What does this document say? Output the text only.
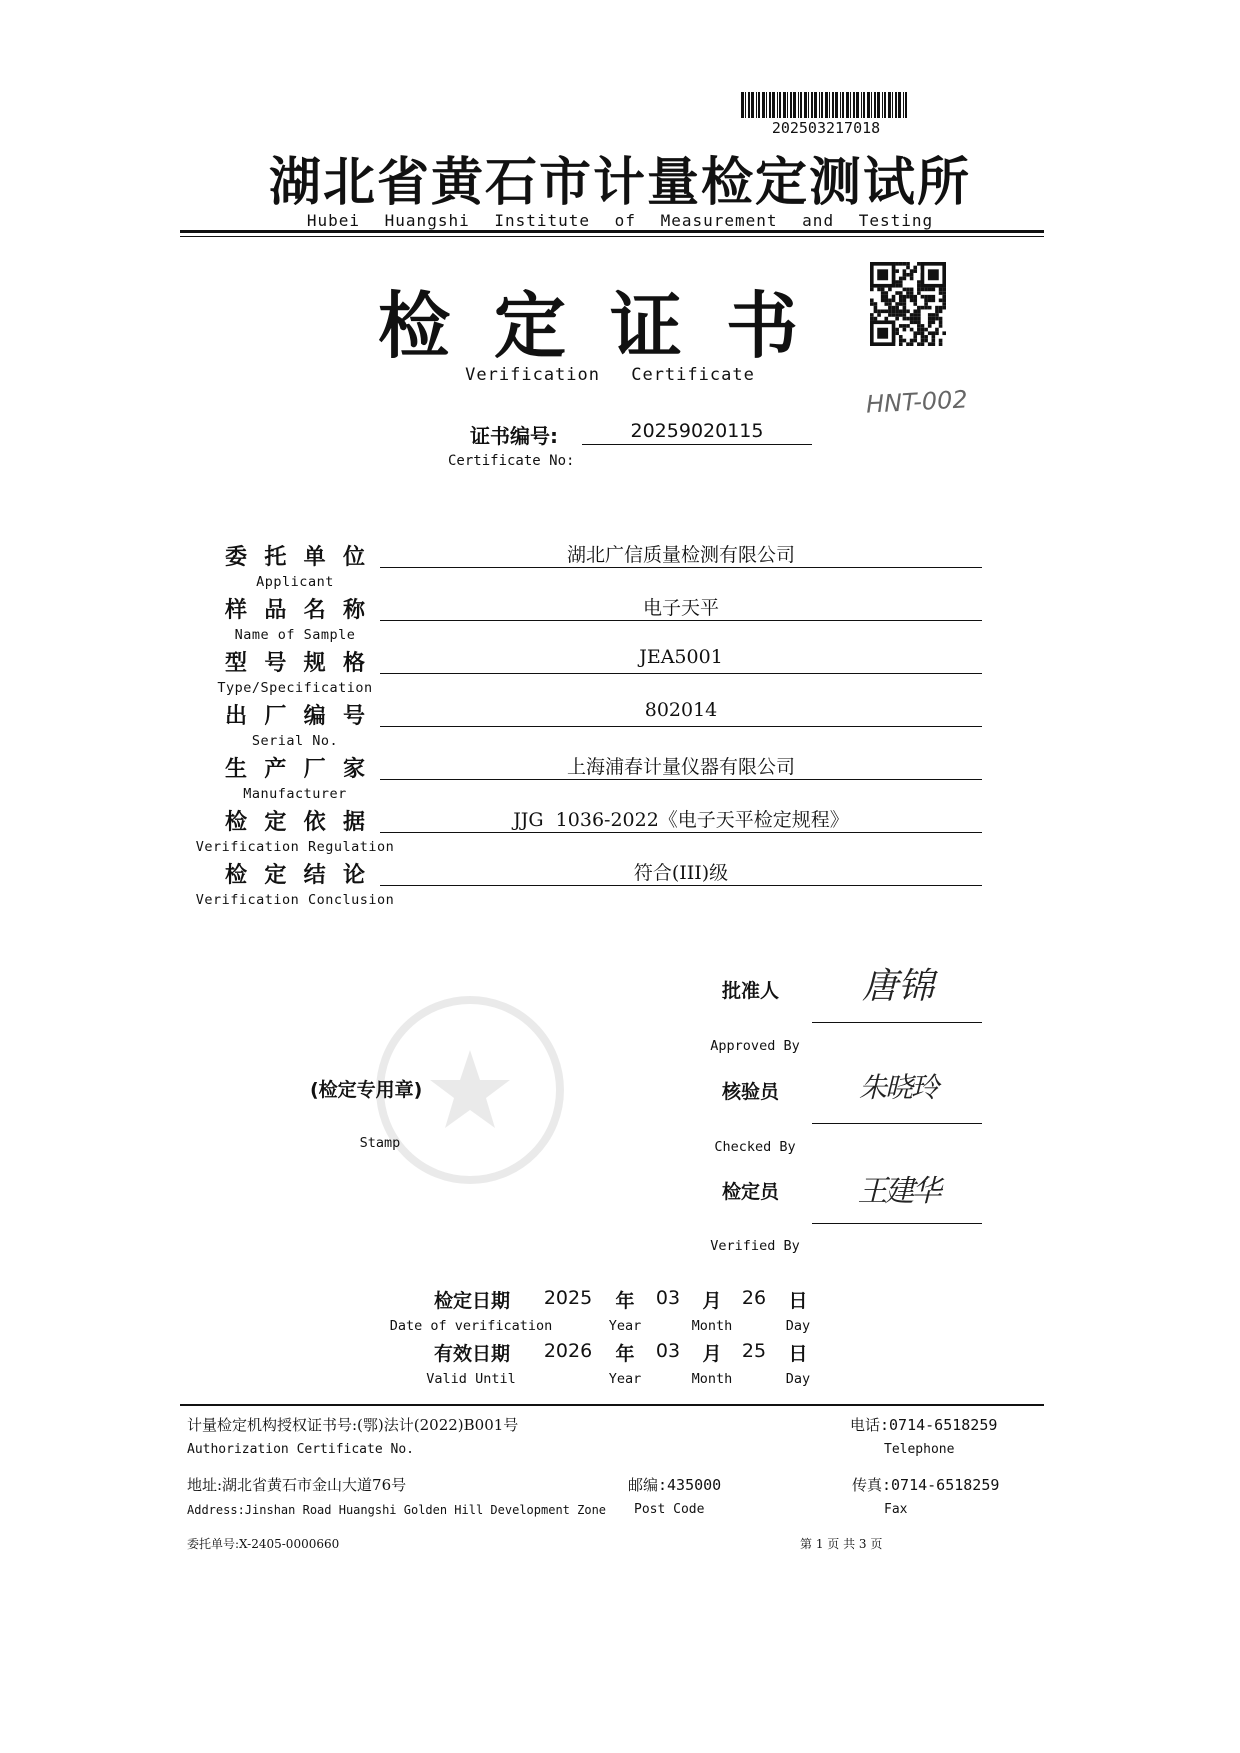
202503217018
湖北省黄石市计量检定测试所
Hubei Huangshi Institute of Measurement and Testing
检定证书
Verification Certificate
HNT-002
证书编号:	20259020115
Certificate No:
委托单位	湖北广信质量检测有限公司
Applicant
样品名称	电子天平
Name of Sample
型号规格	JEA5001
Type/Specification
出厂编号	802014
Serial No.
生产厂家	上海浦春计量仪器有限公司
Manufacturer
检定依据	JJG  1036-2022《电子天平检定规程》
Verification Regulation
检定结论	符合(III)级
Verification Conclusion
批准人	唐锦
Approved By
(检定专用章)
Stamp
核验员	朱晓玲
Checked By
检定员	王建华
Verified By
检定日期	2025	年	03	月	26	日
Date of verification	Year	Month	Day
有效日期	2026	年	03	月	25	日
Valid Until	Year	Month	Day
计量检定机构授权证书号:(鄂)法计(2022)B001号
Authorization Certificate No.
电话:0714-6518259
Telephone
地址:湖北省黄石市金山大道76号
Address:Jinshan Road Huangshi Golden Hill Development Zone
邮编:435000
Post Code
传真:0714-6518259
Fax
委托单号:X-2405-0000660	第 1 页 共 3 页
